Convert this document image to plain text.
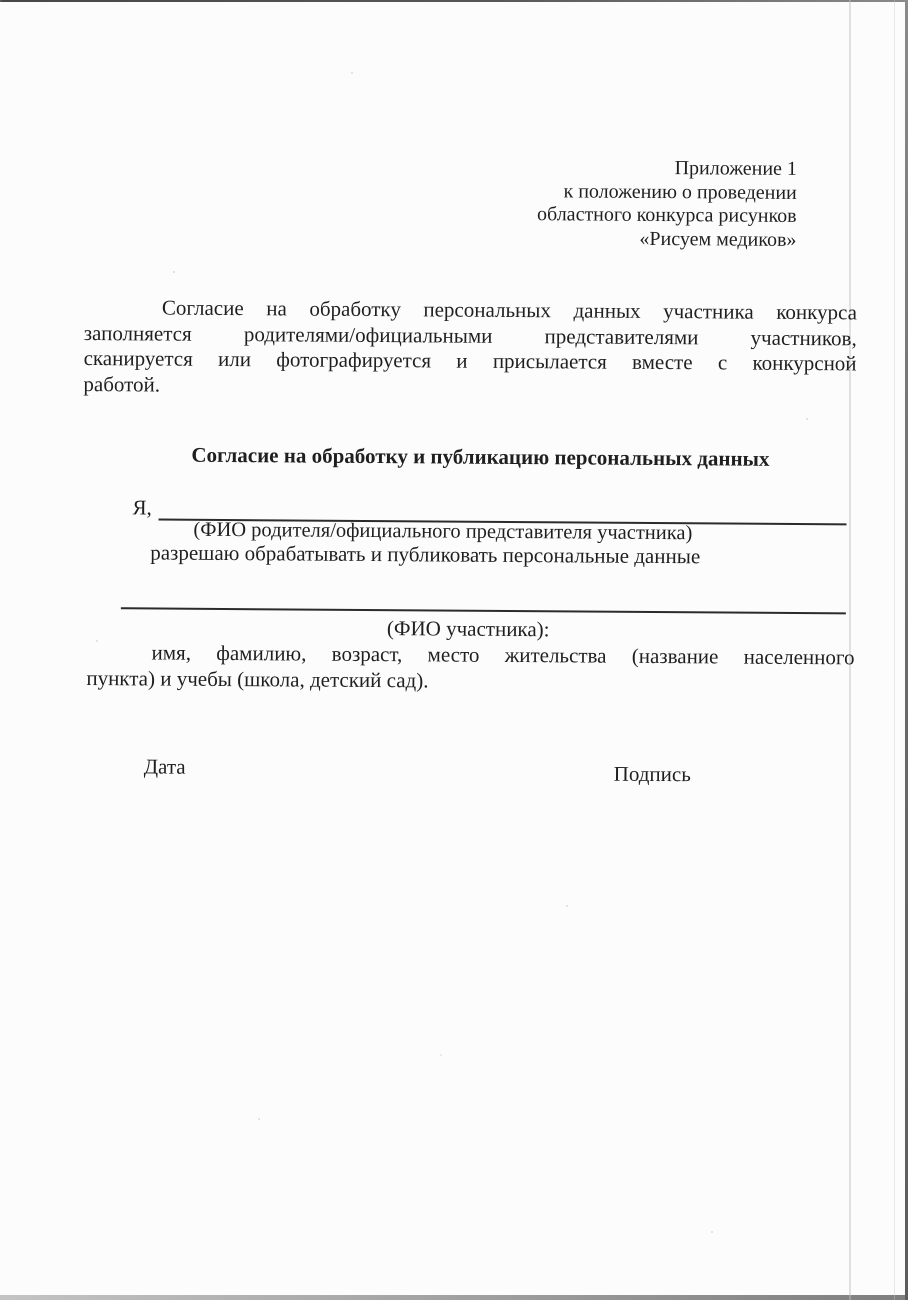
Приложение 1
к положению о проведении
областного конкурса рисунков
«Рисуем медиков»
Согласие на обработку персональных данных участника конкурса
заполняется родителями/официальными представителями участников,
сканируется или фотографируется и присылается вместе с конкурсной
работой.
Согласие на обработку и публикацию персональных данных
Я,
(ФИО родителя/официального представителя участника)
разрешаю обрабатывать и публиковать персональные данные
(ФИО участника):
имя, фамилию, возраст, место жительства (название населенного
пункта) и учебы (школа, детский сад).
Дата	Подпись
